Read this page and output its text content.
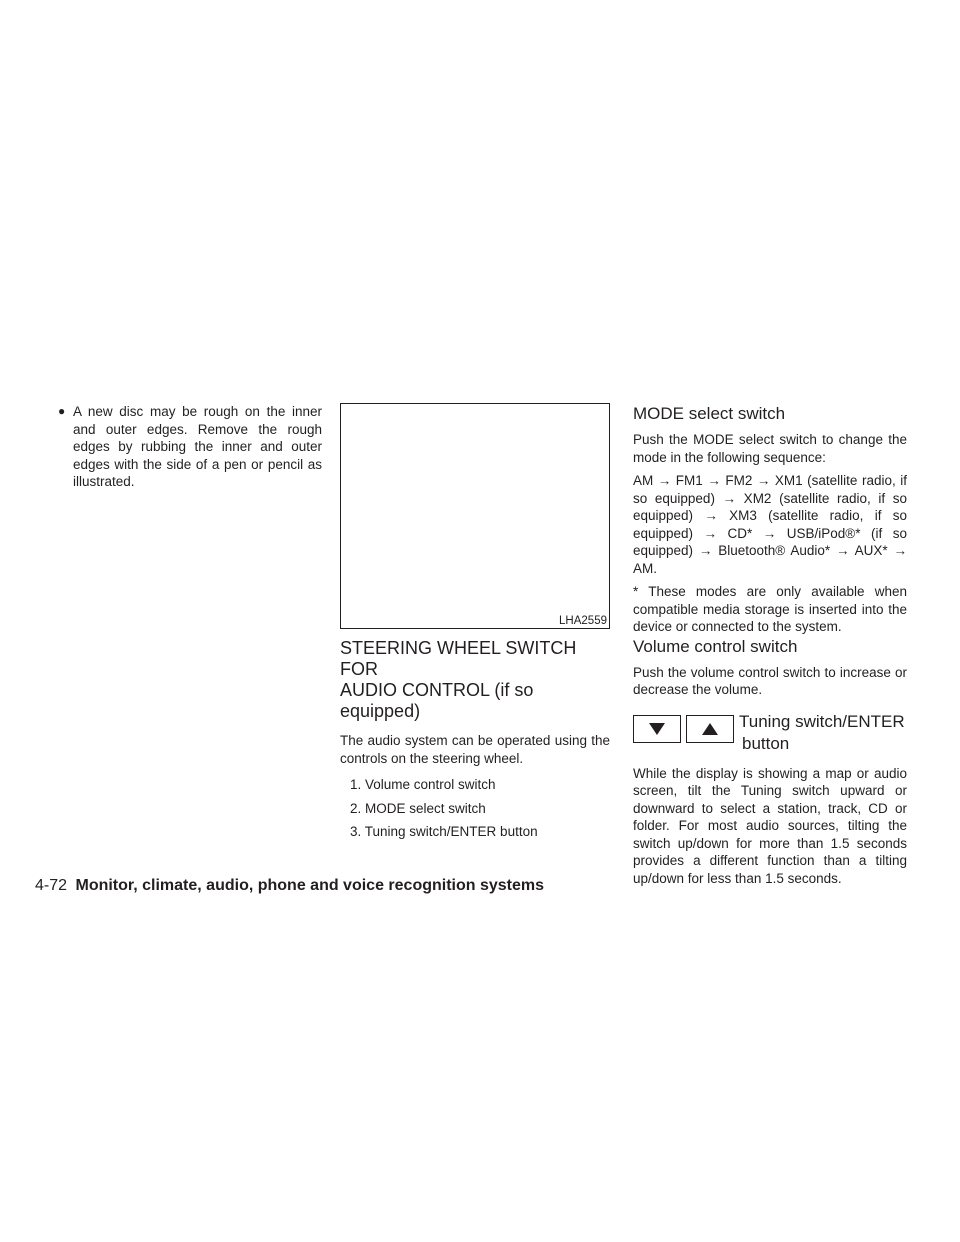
● A new disc may be rough on the inner and outer edges. Remove the rough edges by rubbing the inner and outer edges with the side of a pen or pencil as illustrated.
LHA2559
STEERING WHEEL SWITCH FOR
AUDIO CONTROL (if so equipped)

The audio system can be operated using the controls on the steering wheel.

1. Volume control switch
2. MODE select switch
3. Tuning switch/ENTER button
MODE select switch

Push the MODE select switch to change the mode in the following sequence:

AM → FM1 → FM2 → XM1 (satellite radio, if so equipped) → XM2 (satellite radio, if so equipped) → XM3 (satellite radio, if so equipped) → CD* → USB/iPod®* (if so equipped) → Bluetooth® Audio* → AUX* → AM.

* These modes are only available when compatible media storage is inserted into the device or connected to the system.

Volume control switch

Push the volume control switch to increase or decrease the volume.

Tuning switch/ENTER
button

While the display is showing a map or audio screen, tilt the Tuning switch upward or downward to select a station, track, CD or folder. For most audio sources, tilting the switch up/down for more than 1.5 seconds provides a different function than a tilting up/down for less than 1.5 seconds.

4-72 Monitor, climate, audio, phone and voice recognition systems
